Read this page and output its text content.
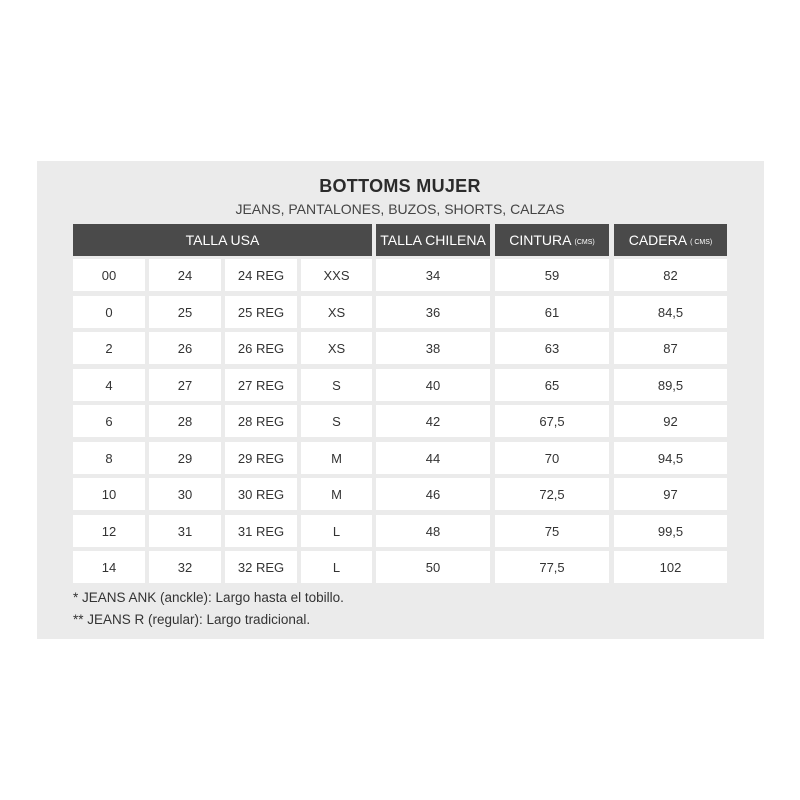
BOTTOMS MUJER
JEANS, PANTALONES, BUZOS, SHORTS, CALZAS
TALLA USA	TALLA CHILENA	CINTURA (CMS) CADERA ( CMS)
00	24	24 REG	XXS	34	59	82
0	25	25 REG	XS	36	61	84,5
2	26	26 REG	XS	38	63	87
4	27	27 REG	S	40	65	89,5
6	28	28 REG	S	42	67,5	92
8	29	29 REG	M	44	70	94,5
10	30	30 REG	M	46	72,5	97
12	31	31 REG	L	48	75	99,5
14	32	32 REG	L	50	77,5	102
* JEANS ANK (anckle): Largo hasta el tobillo.
** JEANS R (regular): Largo tradicional.
